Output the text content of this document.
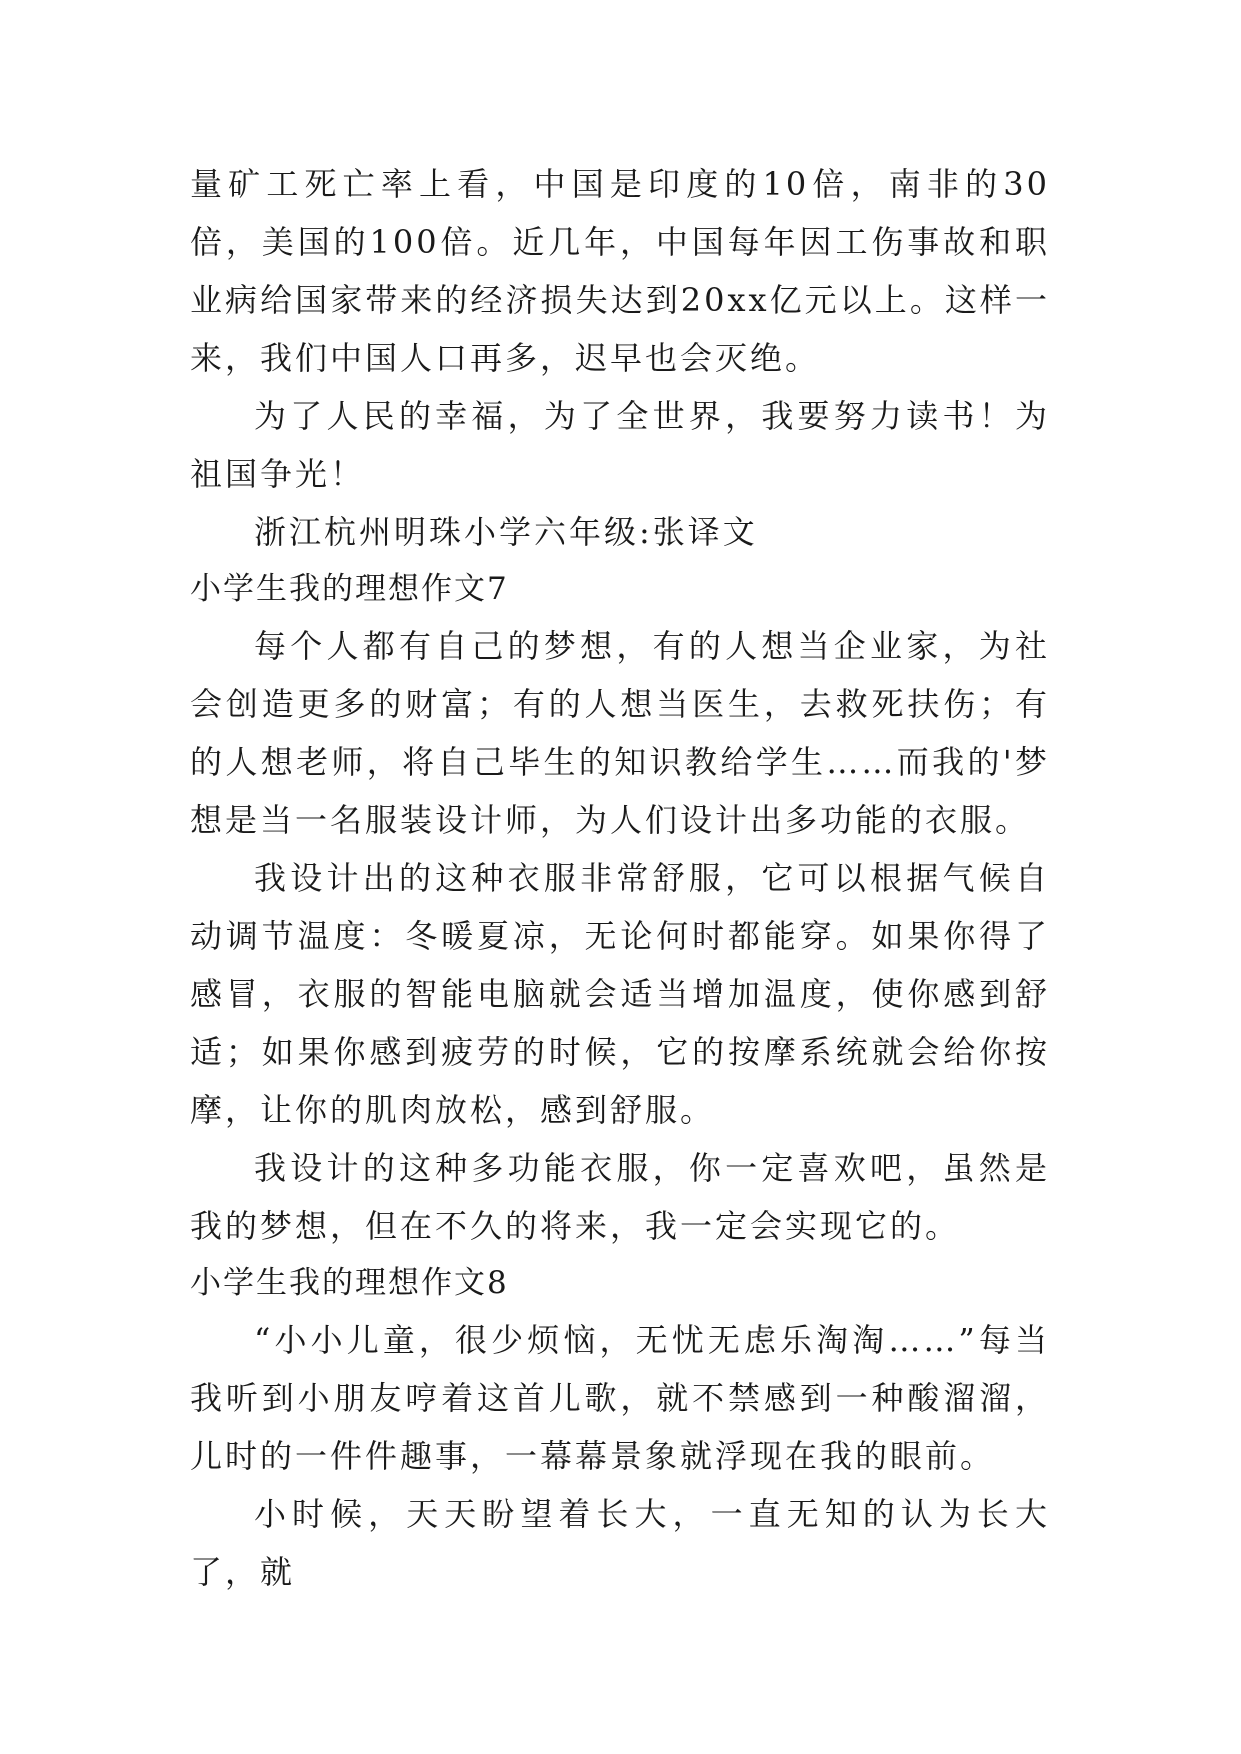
量矿工死亡率上看，中国是印度的10倍，南非的30倍，美国的100倍。近几年，中国每年因工伤事故和职业病给国家带来的经济损失达到20xx亿元以上。这样一来，我们中国人口再多，迟早也会灭绝。

为了人民的幸福，为了全世界，我要努力读书！为祖国争光！

浙江杭州明珠小学六年级:张译文

小学生我的理想作文7

每个人都有自己的梦想，有的人想当企业家，为社会创造更多的财富；有的人想当医生，去救死扶伤；有的人想老师，将自己毕生的知识教给学生……而我的'梦想是当一名服装设计师，为人们设计出多功能的衣服。

我设计出的这种衣服非常舒服，它可以根据气候自动调节温度：冬暖夏凉，无论何时都能穿。如果你得了感冒，衣服的智能电脑就会适当增加温度，使你感到舒适；如果你感到疲劳的时候，它的按摩系统就会给你按摩，让你的肌肉放松，感到舒服。

我设计的这种多功能衣服，你一定喜欢吧，虽然是我的梦想，但在不久的将来，我一定会实现它的。

小学生我的理想作文8

“小小儿童，很少烦恼，无忧无虑乐淘淘……”每当我听到小朋友哼着这首儿歌，就不禁感到一种酸溜溜，儿时的一件件趣事，一幕幕景象就浮现在我的眼前。

小时候，天天盼望着长大，一直无知的认为长大了，就
